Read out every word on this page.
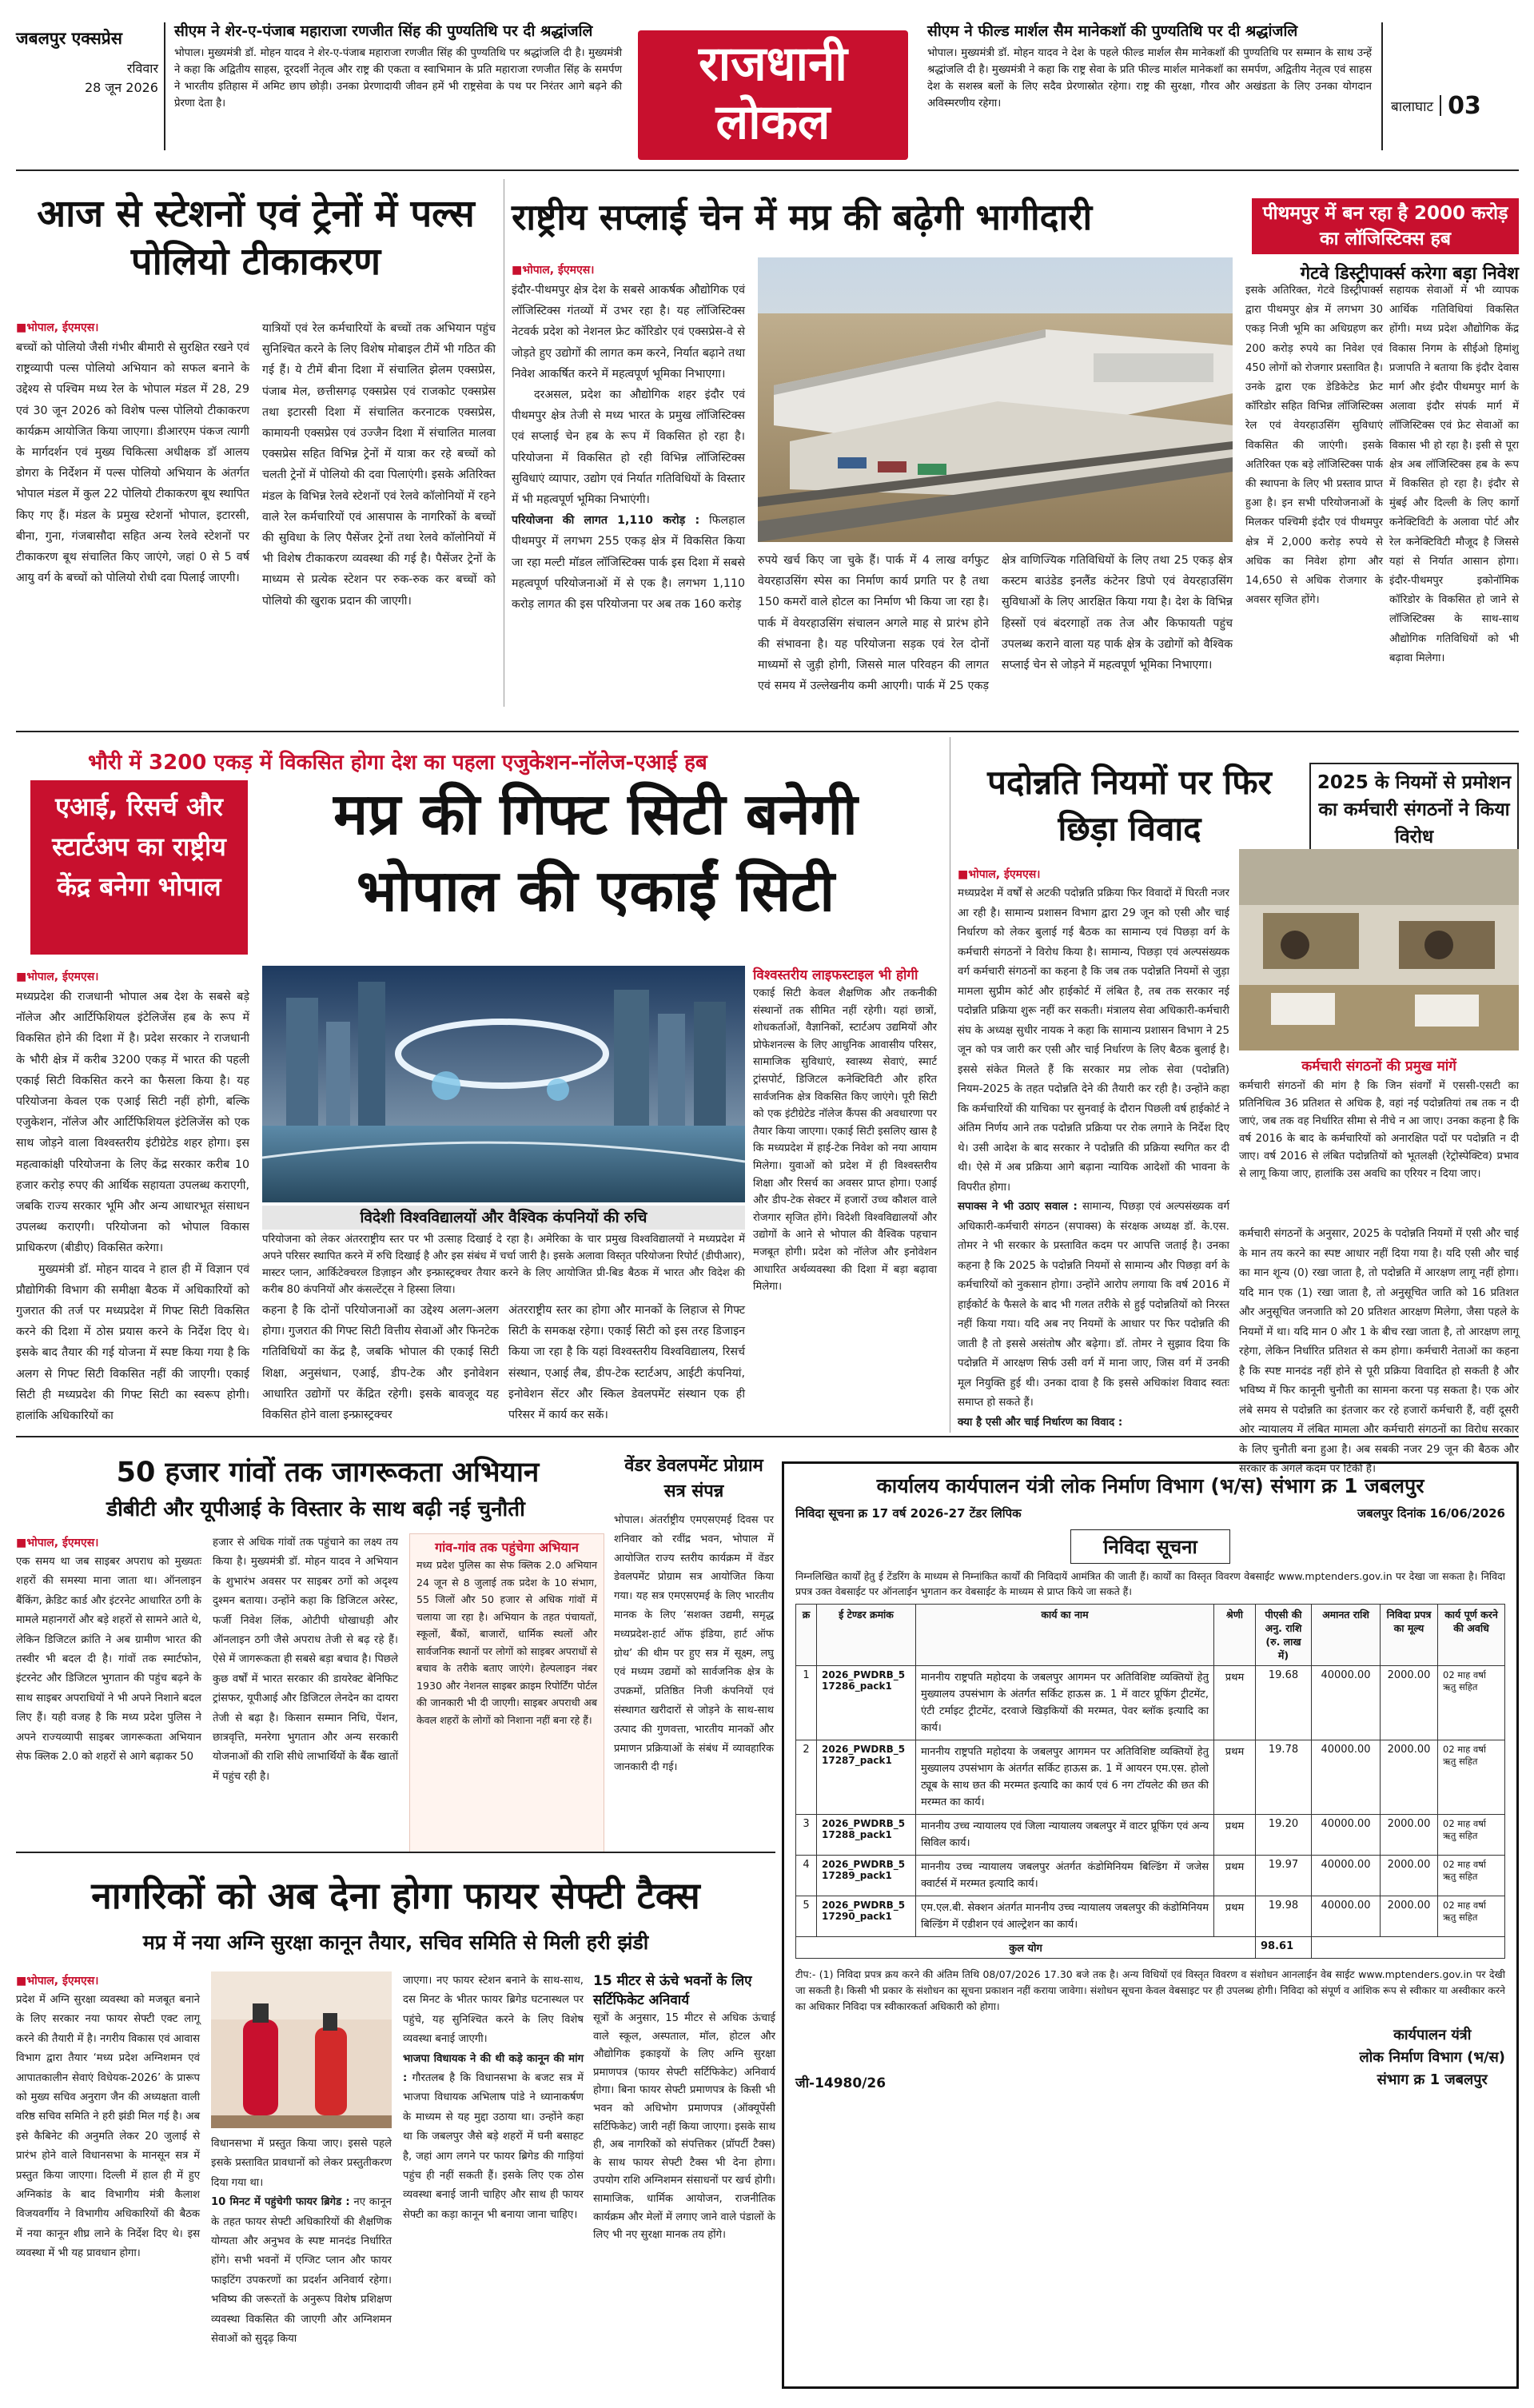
जबलपुर एक्सप्रेस
रविवार
28 जून 2026
सीएम ने शेर-ए-पंजाब महाराजा रणजीत सिंह की पुण्यतिथि पर दी श्रद्धांजलि
भोपाल। मुख्यमंत्री डॉ. मोहन यादव ने शेर-ए-पंजाब महाराजा रणजीत सिंह की पुण्यतिथि पर श्रद्धांजलि दी है। मुख्यमंत्री ने कहा कि अद्वितीय साहस, दूरदर्शी नेतृत्व और राष्ट्र की एकता व स्वाभिमान के प्रति महाराजा रणजीत सिंह के समर्पण ने भारतीय इतिहास में अमिट छाप छोड़ी। उनका प्रेरणादायी जीवन हमें भी राष्ट्रसेवा के पथ पर निरंतर आगे बढ़ने की प्रेरणा देता है।
राजधानी
लोकल
सीएम ने फील्ड मार्शल सैम मानेकशॉ की पुण्यतिथि पर दी श्रद्धांजलि
भोपाल। मुख्यमंत्री डॉ. मोहन यादव ने देश के पहले फील्ड मार्शल सैम मानेकशॉ की पुण्यतिथि पर सम्मान के साथ उन्हें श्रद्धांजलि दी है। मुख्यमंत्री ने कहा कि राष्ट्र सेवा के प्रति फील्ड मार्शल मानेकशॉ का समर्पण, अद्वितीय नेतृत्व एवं साहस देश के सशस्त्र बलों के लिए सदैव प्रेरणास्रोत रहेगा। राष्ट्र की सुरक्षा, गौरव और अखंडता के लिए उनका योगदान अविस्मरणीय रहेगा।	बालाघाट 03
आज से स्टेशनों एवं ट्रेनों में पल्स पोलियो टीकाकरण
■ भोपाल, ईएमएस।
बच्चों को पोलियो जैसी गंभीर बीमारी से सुरक्षित रखने एवं राष्ट्रव्यापी पल्स पोलियो अभियान को सफल बनाने के उद्देश्य से पश्चिम मध्य रेल के भोपाल मंडल में 28, 29 एवं 30 जून 2026 को विशेष पल्स पोलियो टीकाकरण कार्यक्रम आयोजित किया जाएगा। डीआरएम पंकज त्यागी के मार्गदर्शन एवं मुख्य चिकित्सा अधीक्षक डॉ आलय डोगरा के निर्देशन में पल्स पोलियो अभियान के अंतर्गत भोपाल मंडल में कुल 22 पोलियो टीकाकरण बूथ स्थापित किए गए हैं। मंडल के प्रमुख स्टेशनों भोपाल, इटारसी, बीना, गुना, गंजबासौदा सहित अन्य रेलवे स्टेशनों पर टीकाकरण बूथ संचालित किए जाएंगे, जहां 0 से 5 वर्ष आयु वर्ग के बच्चों को पोलियो रोधी दवा पिलाई जाएगी।
यात्रियों एवं रेल कर्मचारियों के बच्चों तक अभियान पहुंच सुनिश्चित करने के लिए विशेष मोबाइल टीमें भी गठित की गई हैं। ये टीमें बीना दिशा में संचालित झेलम एक्सप्रेस, पंजाब मेल, छत्तीसगढ़ एक्सप्रेस एवं राजकोट एक्सप्रेस तथा इटारसी दिशा में संचालित करनाटक एक्सप्रेस, कामायनी एक्सप्रेस एवं उज्जैन दिशा में संचालित मालवा एक्सप्रेस सहित विभिन्न ट्रेनों में यात्रा कर रहे बच्चों को चलती ट्रेनों में पोलियो की दवा पिलाएंगी। इसके अतिरिक्त मंडल के विभिन्न रेलवे स्टेशनों एवं रेलवे कॉलोनियों में रहने वाले रेल कर्मचारियों एवं आसपास के नागरिकों के बच्चों की सुविधा के लिए पैसेंजर ट्रेनों तथा रेलवे कॉलोनियों में भी विशेष टीकाकरण व्यवस्था की गई है। पैसेंजर ट्रेनों के माध्यम से प्रत्येक स्टेशन पर रुक-रुक कर बच्चों को पोलियो की खुराक प्रदान की जाएगी।
राष्ट्रीय सप्लाई चेन में मप्र की बढ़ेगी भागीदारी	पीथमपुर में बन रहा है 2000 करोड़ का लॉजिस्टिक्स हब
गेटवे डिस्ट्रीपार्क्स करेगा बड़ा निवेश
■ भोपाल, ईएमएस।
इंदौर-पीथमपुर क्षेत्र देश के सबसे आकर्षक औद्योगिक एवं लॉजिस्टिक्स गंतव्यों में उभर रहा है। यह लॉजिस्टिक्स नेटवर्क प्रदेश को नेशनल फ्रेट कॉरिडोर एवं एक्सप्रेस-वे से जोड़ते हुए उद्योगों की लागत कम करने, निर्यात बढ़ाने तथा निवेश आकर्षित करने में महत्वपूर्ण भूमिका निभाएगा।
दरअसल, प्रदेश का औद्योगिक शहर इंदौर एवं पीथमपुर क्षेत्र तेजी से मध्य भारत के प्रमुख लॉजिस्टिक्स एवं सप्लाई चेन हब के रूप में विकसित हो रहा है। परियोजना में विकसित हो रही विभिन्न लॉजिस्टिक्स सुविधाएं व्यापार, उद्योग एवं निर्यात गतिविधियों के विस्तार में भी महत्वपूर्ण भूमिका निभाएंगी।
परियोजना की लागत 1,110 करोड़ : फिलहाल पीथमपुर में लगभग 255 एकड़ क्षेत्र में विकसित किया जा रहा मल्टी मॉडल लॉजिस्टिक्स पार्क इस दिशा में सबसे महत्वपूर्ण परियोजनाओं में से एक है। लगभग 1,110 करोड़ लागत की इस परियोजना पर अब तक 160 करोड़
रुपये खर्च किए जा चुके हैं। पार्क में 4 लाख वर्गफुट वेयरहाउसिंग स्पेस का निर्माण कार्य प्रगति पर है तथा 150 कमरों वाले होटल का निर्माण भी किया जा रहा है। पार्क में वेयरहाउसिंग संचालन अगले माह से प्रारंभ होने की संभावना है। यह परियोजना सड़क एवं रेल दोनों माध्यमों से जुड़ी होगी, जिससे माल परिवहन की लागत एवं समय में उल्लेखनीय कमी आएगी। पार्क में 25 एकड़ क्षेत्र वाणिज्यिक गतिविधियों के लिए तथा 25 एकड़ क्षेत्र कस्टम बाउंडेड इनलैंड कंटेनर डिपो एवं वेयरहाउसिंग सुविधाओं के लिए आरक्षित किया गया है। देश के विभिन्न हिस्सों एवं बंदरगाहों तक तेज और किफायती पहुंच उपलब्ध कराने वाला यह पार्क क्षेत्र के उद्योगों को वैश्विक सप्लाई चेन से जोड़ने में महत्वपूर्ण भूमिका निभाएगा।
इसके अतिरिक्त, गेटवे डिस्ट्रीपार्क्स द्वारा पीथमपुर क्षेत्र में लगभग 30 एकड़ निजी भूमि का अधिग्रहण कर 200 करोड़ रुपये का निवेश एवं 450 लोगों को रोजगार प्रस्तावित है। उनके द्वारा एक डेडिकेटेड फ्रेट कॉरिडोर सहित विभिन्न लॉजिस्टिक्स रेल एवं वेयरहाउसिंग सुविधाएं विकसित की जाएंगी। इसके अतिरिक्त एक बड़े लॉजिस्टिक्स पार्क की स्थापना के लिए भी प्रस्ताव प्राप्त हुआ है। इन सभी परियोजनाओं के मिलकर पश्चिमी इंदौर एवं पीथमपुर क्षेत्र में 2,000 करोड़ रुपये से अधिक का निवेश होगा और 14,650 से अधिक रोजगार के अवसर सृजित होंगे।
सहायक सेवाओं में भी व्यापक आर्थिक गतिविधियां विकसित होंगी। मध्य प्रदेश औद्योगिक केंद्र विकास निगम के सीईओ हिमांशु प्रजापति ने बताया कि इंदौर देवास मार्ग और इंदौर पीथमपुर मार्ग के अलावा इंदौर संपर्क मार्ग में लॉजिस्टिक्स एवं फ्रेट सेवाओं का विकास भी हो रहा है। इसी से पूरा क्षेत्र अब लॉजिस्टिक्स हब के रूप में विकसित हो रहा है। इंदौर से मुंबई और दिल्ली के लिए कार्गो कनेक्टिविटी के अलावा पोर्ट और रेल कनेक्टिविटी मौजूद है जिससे यहां से निर्यात आसान होगा। इंदौर-पीथमपुर इकोनॉमिक कॉरिडोर के विकसित हो जाने से लॉजिस्टिक्स के साथ-साथ औद्योगिक गतिविधियों को भी बढ़ावा मिलेगा।
भौरी में 3200 एकड़ में विकसित होगा देश का पहला एजुकेशन-नॉलेज-एआई हब
एआई, रिसर्च और स्टार्टअप का राष्ट्रीय केंद्र बनेगा भोपाल
मप्र की गिफ्ट सिटी बनेगी
भोपाल की एकाईं सिटी
■ भोपाल, ईएमएस।
मध्यप्रदेश की राजधानी भोपाल अब देश के सबसे बड़े नॉलेज और आर्टिफिशियल इंटेलिजेंस हब के रूप में विकसित होने की दिशा में है। प्रदेश सरकार ने राजधानी के भौरी क्षेत्र में करीब 3200 एकड़ में भारत की पहली एकाई सिटी विकसित करने का फैसला किया है। यह परियोजना केवल एक एआई सिटी नहीं होगी, बल्कि एजुकेशन, नॉलेज और आर्टिफिशियल इंटेलिजेंस को एक साथ जोड़ने वाला विश्वस्तरीय इंटीग्रेटेड शहर होगा। इस महत्वाकांक्षी परियोजना के लिए केंद्र सरकार करीब 10 हजार करोड़ रुपए की आर्थिक सहायता उपलब्ध कराएगी, जबकि राज्य सरकार भूमि और अन्य आधारभूत संसाधन उपलब्ध कराएगी। परियोजना को भोपाल विकास प्राधिकरण (बीडीए) विकसित करेगा।
मुख्यमंत्री डॉ. मोहन यादव ने हाल ही में विज्ञान एवं प्रौद्योगिकी विभाग की समीक्षा बैठक में अधिकारियों को गुजरात की तर्ज पर मध्यप्रदेश में गिफ्ट सिटी विकसित करने की दिशा में ठोस प्रयास करने के निर्देश दिए थे। इसके बाद तैयार की गई योजना में स्पष्ट किया गया है कि अलग से गिफ्ट सिटी विकसित नहीं की जाएगी। एकाई सिटी ही मध्यप्रदेश की गिफ्ट सिटी का स्वरूप होगी। हालांकि अधिकारियों का
विदेशी विश्वविद्यालयों और वैश्विक कंपनियों की रुचि
परियोजना को लेकर अंतरराष्ट्रीय स्तर पर भी उत्साह दिखाई दे रहा है। अमेरिका के चार प्रमुख विश्वविद्यालयों ने मध्यप्रदेश में अपने परिसर स्थापित करने में रुचि दिखाई है और इस संबंध में चर्चा जारी है। इसके अलावा विस्तृत परियोजना रिपोर्ट (डीपीआर), मास्टर प्लान, आर्किटेक्चरल डिज़ाइन और इन्फ्रास्ट्रक्चर तैयार करने के लिए आयोजित प्री-बिड बैठक में भारत और विदेश की करीब 80 कंपनियों और कंसल्टेंट्स ने हिस्सा लिया।
विश्वस्तरीय लाइफस्टाइल भी होगी
एकाई सिटी केवल शैक्षणिक और तकनीकी संस्थानों तक सीमित नहीं रहेगी। यहां छात्रों, शोधकर्ताओं, वैज्ञानिकों, स्टार्टअप उद्यमियों और प्रोफेशनल्स के लिए आधुनिक आवासीय परिसर, सामाजिक सुविधाएं, स्वास्थ्य सेवाएं, स्मार्ट ट्रांसपोर्ट, डिजिटल कनेक्टिविटी और हरित सार्वजनिक क्षेत्र विकसित किए जाएंगे। पूरी सिटी को एक इंटीग्रेटेड नॉलेज कैंपस की अवधारणा पर तैयार किया जाएगा। एकाई सिटी इसलिए खास है कि मध्यप्रदेश में हाई-टेक निवेश को नया आयाम मिलेगा। युवाओं को प्रदेश में ही विश्वस्तरीय शिक्षा और रिसर्च का अवसर प्राप्त होगा। एआई और डीप-टेक सेक्टर में हजारों उच्च कौशल वाले रोजगार सृजित होंगे। विदेशी विश्वविद्यालयों और उद्योगों के आने से भोपाल की वैश्विक पहचान मजबूत होगी। प्रदेश को नॉलेज और इनोवेशन आधारित अर्थव्यवस्था की दिशा में बड़ा बढ़ावा मिलेगा।
कहना है कि दोनों परियोजनाओं का उद्देश्य अलग-अलग होगा। गुजरात की गिफ्ट सिटी वित्तीय सेवाओं और फिनटेक गतिविधियों का केंद्र है, जबकि भोपाल की एकाई सिटी शिक्षा, अनुसंधान, एआई, डीप-टेक और इनोवेशन आधारित उद्योगों पर केंद्रित रहेगी। इसके बावजूद यह विकसित होने वाला इन्फ्रास्ट्रक्चर
अंतरराष्ट्रीय स्तर का होगा और मानकों के लिहाज से गिफ्ट सिटी के समकक्ष रहेगा। एकाई सिटी को इस तरह डिजाइन किया जा रहा है कि यहां विश्वस्तरीय विश्वविद्यालय, रिसर्च संस्थान, एआई लैब, डीप-टेक स्टार्टअप, आईटी कंपनियां, इनोवेशन सेंटर और स्किल डेवलपमेंट संस्थान एक ही परिसर में कार्य कर सकें।
पदोन्नति नियमों पर फिर छिड़ा विवाद
2025 के नियमों से प्रमोशन का कर्मचारी संगठनों ने किया विरोध
■ भोपाल, ईएमएस।
मध्यप्रदेश में वर्षों से अटकी पदोन्नति प्रक्रिया फिर विवादों में घिरती नजर आ रही है। सामान्य प्रशासन विभाग द्वारा 29 जून को एसी और चाई निर्धारण को लेकर बुलाई गई बैठक का सामान्य एवं पिछड़ा वर्ग के कर्मचारी संगठनों ने विरोध किया है। सामान्य, पिछड़ा एवं अल्पसंख्यक वर्ग कर्मचारी संगठनों का कहना है कि जब तक पदोन्नति नियमों से जुड़ा मामला सुप्रीम कोर्ट और हाईकोर्ट में लंबित है, तब तक सरकार नई पदोन्नति प्रक्रिया शुरू नहीं कर सकती। मंत्रालय सेवा अधिकारी-कर्मचारी संघ के अध्यक्ष सुधीर नायक ने कहा कि सामान्य प्रशासन विभाग ने 25 जून को पत्र जारी कर एसी और चाई निर्धारण के लिए बैठक बुलाई है। इससे संकेत मिलते हैं कि सरकार मप्र लोक सेवा (पदोन्नति) नियम-2025 के तहत पदोन्नति देने की तैयारी कर रही है। उन्होंने कहा कि कर्मचारियों की याचिका पर सुनवाई के दौरान पिछली वर्ष हाईकोर्ट ने अंतिम निर्णय आने तक पदोन्नति प्रक्रिया पर रोक लगाने के निर्देश दिए थे। उसी आदेश के बाद सरकार ने पदोन्नति की प्रक्रिया स्थगित कर दी थी। ऐसे में अब प्रक्रिया आगे बढ़ाना न्यायिक आदेशों की भावना के विपरीत होगा।
सपाक्स ने भी उठाए सवाल : सामान्य, पिछड़ा एवं अल्पसंख्यक वर्ग अधिकारी-कर्मचारी संगठन (सपाक्स) के संरक्षक अध्यक्ष डॉ. के.एस. तोमर ने भी सरकार के प्रस्तावित कदम पर आपत्ति जताई है। उनका कहना है कि 2025 के पदोन्नति नियमों से सामान्य और पिछड़ा वर्ग के कर्मचारियों को नुकसान होगा। उन्होंने आरोप लगाया कि वर्ष 2016 में हाईकोर्ट के फैसले के बाद भी गलत तरीके से हुई पदोन्नतियों को निरस्त नहीं किया गया। यदि अब नए नियमों के आधार पर फिर पदोन्नति की जाती है तो इससे असंतोष और बढ़ेगा। डॉ. तोमर ने सुझाव दिया कि पदोन्नति में आरक्षण सिर्फ उसी वर्ग में माना जाए, जिस वर्ग में उनकी मूल नियुक्ति हुई थी। उनका दावा है कि इससे अधिकांश विवाद स्वतः समाप्त हो सकते हैं।
क्या है एसी और चाई निर्धारण का विवाद :
कर्मचारी संगठनों की प्रमुख मांगें
कर्मचारी संगठनों की मांग है कि जिन संवर्गों में एससी-एसटी का प्रतिनिधित्व 36 प्रतिशत से अधिक है, वहां नई पदोन्नतियां तब तक न दी जाएं, जब तक वह निर्धारित सीमा से नीचे न आ जाए। उनका कहना है कि वर्ष 2016 के बाद के कर्मचारियों को अनारक्षित पदों पर पदोन्नति न दी जाए। वर्ष 2016 से लंबित पदोन्नतियों को भूतलक्षी (रेट्रोस्पेक्टिव) प्रभाव से लागू किया जाए, हालांकि उस अवधि का एरियर न दिया जाए।
कर्मचारी संगठनों के अनुसार, 2025 के पदोन्नति नियमों में एसी और चाई के मान तय करने का स्पष्ट आधार नहीं दिया गया है। यदि एसी और चाई का मान शून्य (0) रखा जाता है, तो पदोन्नति में आरक्षण लागू नहीं होगा। यदि मान एक (1) रखा जाता है, तो अनुसूचित जाति को 16 प्रतिशत और अनुसूचित जनजाति को 20 प्रतिशत आरक्षण मिलेगा, जैसा पहले के नियमों में था। यदि मान 0 और 1 के बीच रखा जाता है, तो आरक्षण लागू रहेगा, लेकिन निर्धारित प्रतिशत से कम होगा। कर्मचारी नेताओं का कहना है कि स्पष्ट मानदंड नहीं होने से पूरी प्रक्रिया विवादित हो सकती है और भविष्य में फिर कानूनी चुनौती का सामना करना पड़ सकता है। एक ओर लंबे समय से पदोन्नति का इंतजार कर रहे हजारों कर्मचारी हैं, वहीं दूसरी ओर न्यायालय में लंबित मामला और कर्मचारी संगठनों का विरोध सरकार के लिए चुनौती बना हुआ है। अब सबकी नजर 29 जून की बैठक और सरकार के अगले कदम पर टिकी है।
50 हजार गांवों तक जागरूकता अभियान
डीबीटी और यूपीआई के विस्तार के साथ बढ़ी नई चुनौती
■ भोपाल, ईएमएस।
एक समय था जब साइबर अपराध को मुख्यतः शहरों की समस्या माना जाता था। ऑनलाइन बैंकिंग, क्रेडिट कार्ड और इंटरनेट आधारित ठगी के मामले महानगरों और बड़े शहरों से सामने आते थे, लेकिन डिजिटल क्रांति ने अब ग्रामीण भारत की तस्वीर भी बदल दी है। गांवों तक स्मार्टफोन, इंटरनेट और डिजिटल भुगतान की पहुंच बढ़ने के साथ साइबर अपराधियों ने भी अपने निशाने बदल लिए हैं। यही वजह है कि मध्य प्रदेश पुलिस ने अपने राज्यव्यापी साइबर जागरूकता अभियान सेफ क्लिक 2.0 को शहरों से आगे बढ़ाकर 50
हजार से अधिक गांवों तक पहुंचाने का लक्ष्य तय किया है। मुख्यमंत्री डॉ. मोहन यादव ने अभियान के शुभारंभ अवसर पर साइबर ठगों को अदृश्य दुश्मन बताया। उन्होंने कहा कि डिजिटल अरेस्ट, फर्जी निवेश लिंक, ओटीपी धोखाधड़ी और ऑनलाइन ठगी जैसे अपराध तेजी से बढ़ रहे हैं। ऐसे में जागरूकता ही सबसे बड़ा बचाव है। पिछले कुछ वर्षों में भारत सरकार की डायरेक्ट बेनिफिट ट्रांसफर, यूपीआई और डिजिटल लेनदेन का दायरा तेजी से बढ़ा है। किसान सम्मान निधि, पेंशन, छात्रवृत्ति, मनरेगा भुगतान और अन्य सरकारी योजनाओं की राशि सीधे लाभार्थियों के बैंक खातों में पहुंच रही है।
गांव-गांव तक पहुंचेगा अभियान
मध्य प्रदेश पुलिस का सेफ क्लिक 2.0 अभियान 24 जून से 8 जुलाई तक प्रदेश के 10 संभाग, 55 जिलों और 50 हजार से अधिक गांवों में चलाया जा रहा है। अभियान के तहत पंचायतों, स्कूलों, बैंकों, बाजारों, धार्मिक स्थलों और सार्वजनिक स्थानों पर लोगों को साइबर अपराधों से बचाव के तरीके बताए जाएंगे। हेल्पलाइन नंबर 1930 और नेशनल साइबर क्राइम रिपोर्टिंग पोर्टल की जानकारी भी दी जाएगी। साइबर अपराधी अब केवल शहरों के लोगों को निशाना नहीं बना रहे हैं।
वेंडर डेवलपमेंट प्रोग्राम सत्र संपन्न
भोपाल। अंतर्राष्ट्रीय एमएसएमई दिवस पर शनिवार को रवींद्र भवन, भोपाल में आयोजित राज्य स्तरीय कार्यक्रम में वेंडर डेवलपमेंट प्रोग्राम सत्र आयोजित किया गया। यह सत्र एमएसएमई के लिए भारतीय मानक के लिए ‘सशक्त उद्यमी, समृद्ध मध्यप्रदेश-हार्ट ऑफ इंडिया, हार्ट ऑफ ग्रोथ’ की थीम पर हुए सत्र में सूक्ष्म, लघु एवं मध्यम उद्यमों को सार्वजनिक क्षेत्र के उपक्रमों, प्रतिष्ठित निजी कंपनियों एवं संस्थागत खरीदारों से जोड़ने के साथ-साथ उत्पाद की गुणवत्ता, भारतीय मानकों और प्रमाणन प्रक्रियाओं के संबंध में व्यावहारिक जानकारी दी गई।
कार्यालय कार्यपालन यंत्री लोक निर्माण विभाग (भ/स) संभाग क्र 1 जबलपुर
निविदा सूचना क्र 17 वर्ष 2026-27 टेंडर लिपिक	जबलपुर दिनांक 16/06/2026
निविदा सूचना
निम्नलिखित कार्यों हेतु ई टेंडरिंग के माध्यम से निम्नांकित कार्यों की निविदायें आमंत्रित की जाती हैं। कार्यों का विस्तृत विवरण वेबसाईट www.mptenders.gov.in पर देखा जा सकता है। निविदा प्रपत्र उक्त वेबसाईट पर ऑनलाईन भुगतान कर वेबसाईट के माध्यम से प्राप्त किये जा सकते हैं।
क्र	ई टेण्डर क्रमांक	कार्य का नाम	श्रेणी	पीएसी की अनु. राशि (रु. लाख में)	अमानत राशि	निविदा प्रपत्र का मूल्य	कार्य पूर्ण करने की अवधि
1	2026_PWDRB_5 17286_pack1	माननीय राष्ट्रपति महोदया के जबलपुर आगमन पर अतिविशिष्ट व्यक्तियों हेतु मुख्यालय उपसंभाग के अंतर्गत सर्किट हाऊस क्र. 1 में वाटर प्रूफिंग ट्रीटमेंट, एंटी टर्माइट ट्रीटमेंट, दरवाजे खिड़कियों की मरम्मत, पेवर ब्लॉक इत्यादि का कार्य।	प्रथम	19.68	40000.00	2000.00	02 माह वर्षा ऋतु सहित
2	2026_PWDRB_5 17287_pack1	माननीय राष्ट्रपति महोदया के जबलपुर आगमन पर अतिविशिष्ट व्यक्तियों हेतु मुख्यालय उपसंभाग के अंतर्गत सर्किट हाऊस क्र. 1 में आयरन एम.एस. होलो ट्यूब के साथ छत की मरम्मत इत्यादि का कार्य एवं 6 नग टॉयलेट की छत की मरम्मत का कार्य।	प्रथम	19.78	40000.00	2000.00	02 माह वर्षा ऋतु सहित
3	2026_PWDRB_5 17288_pack1	माननीय उच्च न्यायालय एवं जिला न्यायालय जबलपुर में वाटर प्रूफिंग एवं अन्य सिविल कार्य।	प्रथम	19.20	40000.00	2000.00	02 माह वर्षा ऋतु सहित
4	2026_PWDRB_5 17289_pack1	माननीय उच्च न्यायालय जबलपुर अंतर्गत कंडोमिनियम बिल्डिंग में जजेस क्वार्टर्स में मरम्मत इत्यादि कार्य।	प्रथम	19.97	40000.00	2000.00	02 माह वर्षा ऋतु सहित
5	2026_PWDRB_5 17290_pack1	एम.एल.बी. सेक्शन अंतर्गत माननीय उच्च न्यायालय जबलपुर की कंडोमिनियम बिल्डिंग में एडीशन एवं आल्ट्रेशन का कार्य।	प्रथम	19.98	40000.00	2000.00	02 माह वर्षा ऋतु सहित
कुल योग				98.61			
टीप:- (1) निविदा प्रपत्र क्रय करने की अंतिम तिथि 08/07/2026 17.30 बजे तक है। अन्य विधियों एवं विस्तृत विवरण व संशोधन आनलाईन वेब साईट www.mptenders.gov.in पर देखी जा सकती है। किसी भी प्रकार के संशोधन का सूचना प्रकाशन नहीं कराया जावेगा। संशोधन सूचना केवल वेबसाइट पर ही उपलब्ध होगी। निविदा को संपूर्ण व आंशिक रूप से स्वीकार या अस्वीकार करने का अधिकार निविदा पत्र स्वीकारकर्ता अधिकारी को होगा।
जी-14980/26
कार्यपालन यंत्री
लोक निर्माण विभाग (भ/स)
संभाग क्र 1 जबलपुर
नागरिकों को अब देना होगा फायर सेफ्टी टैक्स
मप्र में नया अग्नि सुरक्षा कानून तैयार, सचिव समिति से मिली हरी झंडी
■ भोपाल, ईएमएस।
प्रदेश में अग्नि सुरक्षा व्यवस्था को मजबूत बनाने के लिए सरकार नया फायर सेफ्टी एक्ट लागू करने की तैयारी में है। नगरीय विकास एवं आवास विभाग द्वारा तैयार ‘मध्य प्रदेश अग्निशमन एवं आपातकालीन सेवाएं विधेयक-2026’ के प्रारूप को मुख्य सचिव अनुराग जैन की अध्यक्षता वाली वरिष्ठ सचिव समिति ने हरी झंडी मिल गई है। अब इसे कैबिनेट की अनुमति लेकर 20 जुलाई से प्रारंभ होने वाले विधानसभा के मानसून सत्र में प्रस्तुत किया जाएगा। दिल्ली में हाल ही में हुए अग्निकांड के बाद विभागीय मंत्री कैलाश विजयवर्गीय ने विभागीय अधिकारियों की बैठक में नया कानून शीघ्र लाने के निर्देश दिए थे। इस व्यवस्था में भी यह प्रावधान होगा।
विधानसभा में प्रस्तुत किया जाए। इससे पहले इसके प्रस्तावित प्रावधानों को लेकर प्रस्तुतीकरण दिया गया था।
10 मिनट में पहुंचेगी फायर ब्रिगेड : नए कानून के तहत फायर सेफ्टी अधिकारियों की शैक्षणिक योग्यता और अनुभव के स्पष्ट मानदंड निर्धारित होंगे। सभी भवनों में एग्जिट प्लान और फायर फाइटिंग उपकरणों का प्रदर्शन अनिवार्य रहेगा। भविष्य की जरूरतों के अनुरूप विशेष प्रशिक्षण व्यवस्था विकसित की जाएगी और अग्निशमन सेवाओं को सुदृढ़ किया
जाएगा। नए फायर स्टेशन बनाने के साथ-साथ, दस मिनट के भीतर फायर ब्रिगेड घटनास्थल पर पहुंचे, यह सुनिश्चित करने के लिए विशेष व्यवस्था बनाई जाएगी।
भाजपा विधायक ने की थी कड़े कानून की मांग : गौरतलब है कि विधानसभा के बजट सत्र में भाजपा विधायक अभिलाष पांडे ने ध्यानाकर्षण के माध्यम से यह मुद्दा उठाया था। उन्होंने कहा था कि जबलपुर जैसे बड़े शहरों में घनी बसाहट है, जहां आग लगने पर फायर ब्रिगेड की गाड़ियां पहुंच ही नहीं सकती हैं। इसके लिए एक ठोस व्यवस्था बनाई जानी चाहिए और साथ ही फायर सेफ्टी का कड़ा कानून भी बनाया जाना चाहिए।
15 मीटर से ऊंचे भवनों के लिए सर्टिफिकेट अनिवार्य
सूत्रों के अनुसार, 15 मीटर से अधिक ऊंचाई वाले स्कूल, अस्पताल, मॉल, होटल और औद्योगिक इकाइयों के लिए अग्नि सुरक्षा प्रमाणपत्र (फायर सेफ्टी सर्टिफिकेट) अनिवार्य होगा। बिना फायर सेफ्टी प्रमाणपत्र के किसी भी भवन को अधिभोग प्रमाणपत्र (ऑक्यूपेंसी सर्टिफिकेट) जारी नहीं किया जाएगा। इसके साथ ही, अब नागरिकों को संपत्तिकर (प्रॉपर्टी टैक्स) के साथ फायर सेफ्टी टैक्स भी देना होगा। उपयोग राशि अग्निशमन संसाधनों पर खर्च होगी। सामाजिक, धार्मिक आयोजन, राजनीतिक कार्यक्रम और मेलों में लगाए जाने वाले पंडालों के लिए भी नए सुरक्षा मानक तय होंगे।
